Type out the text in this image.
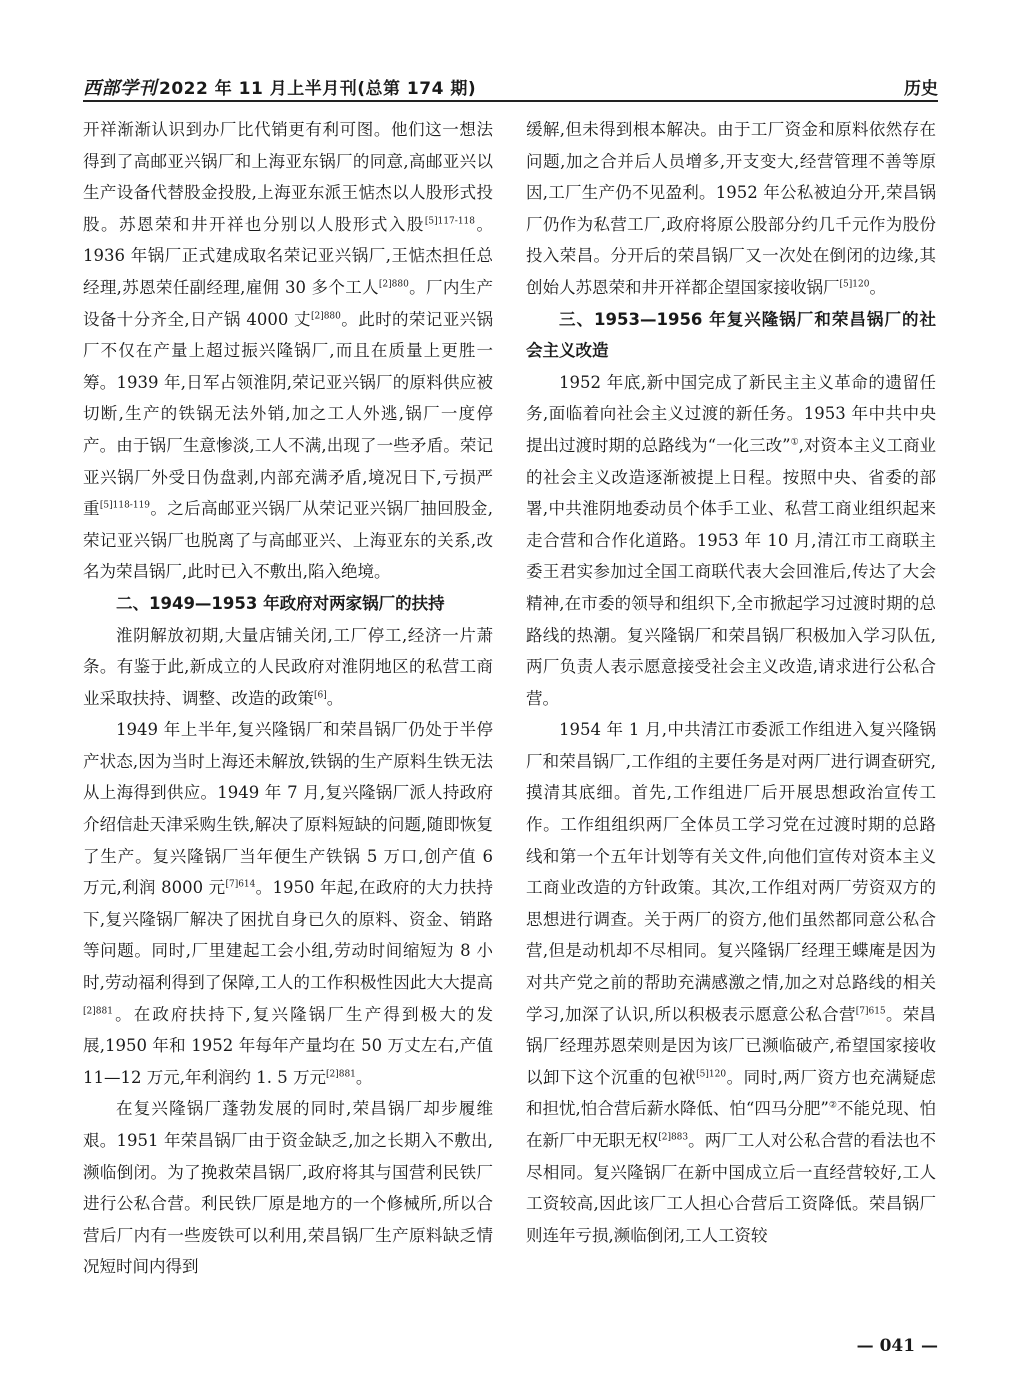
西部学刊 2022 年 11 月上半月刊(总第 174 期)	历史

开祥渐渐认识到办厂比代销更有利可图。他们这一想法得到了高邮亚兴锅厂和上海亚东锅厂的同意,高邮亚兴以生产设备代替股金投股,上海亚东派王惦杰以人股形式投股。苏恩荣和井开祥也分别以人股形式入股$^{[5]117-118}$。1936 年锅厂正式建成取名荣记亚兴锅厂,王惦杰担任总经理,苏恩荣任副经理,雇佣 30 多个工人$^{[2]880}$。厂内生产设备十分齐全,日产锅 4000 丈$^{[2]880}$。此时的荣记亚兴锅厂不仅在产量上超过振兴隆锅厂,而且在质量上更胜一筹。1939 年,日军占领淮阴,荣记亚兴锅厂的原料供应被切断,生产的铁锅无法外销,加之工人外逃,锅厂一度停产。由于锅厂生意惨淡,工人不满,出现了一些矛盾。荣记亚兴锅厂外受日伪盘剥,内部充满矛盾,境况日下,亏损严重$^{[5]118-119}$。之后高邮亚兴锅厂从荣记亚兴锅厂抽回股金,荣记亚兴锅厂也脱离了与高邮亚兴、上海亚东的关系,改名为荣昌锅厂,此时已入不敷出,陷入绝境。

二、1949—1953 年政府对两家锅厂的扶持

淮阴解放初期,大量店铺关闭,工厂停工,经济一片萧条。有鉴于此,新成立的人民政府对淮阴地区的私营工商业采取扶持、调整、改造的政策[6]。

1949 年上半年,复兴隆锅厂和荣昌锅厂仍处于半停产状态,因为当时上海还未解放,铁锅的生产原料生铁无法从上海得到供应。1949 年 7 月,复兴隆锅厂派人持政府介绍信赴天津采购生铁,解决了原料短缺的问题,随即恢复了生产。复兴隆锅厂当年便生产铁锅 5 万口,创产值 6 万元,利润 8000 元$^{[7]614}$。1950 年起,在政府的大力扶持下,复兴隆锅厂解决了困扰自身已久的原料、资金、销路等问题。同时,厂里建起工会小组,劳动时间缩短为 8 小时,劳动福利得到了保障,工人的工作积极性因此大大提高$^{[2]881}$。在政府扶持下,复兴隆锅厂生产得到极大的发展,1950 年和 1952 年每年产量均在 50 万丈左右,产值 11—12 万元,年利润约 1. 5 万元$^{[2]881}$。

在复兴隆锅厂蓬勃发展的同时,荣昌锅厂却步履维艰。1951 年荣昌锅厂由于资金缺乏,加之长期入不敷出,濒临倒闭。为了挽救荣昌锅厂,政府将其与国营利民铁厂进行公私合营。利民铁厂原是地方的一个修械所,所以合营后厂内有一些废铁可以利用,荣昌锅厂生产原料缺乏情况短时间内得到

缓解,但未得到根本解决。由于工厂资金和原料依然存在问题,加之合并后人员增多,开支变大,经营管理不善等原因,工厂生产仍不见盈利。1952 年公私被迫分开,荣昌锅厂仍作为私营工厂,政府将原公股部分约几千元作为股份投入荣昌。分开后的荣昌锅厂又一次处在倒闭的边缘,其创始人苏恩荣和井开祥都企望国家接收锅厂$^{[5]120}$。

三、1953—1956 年复兴隆锅厂和荣昌锅厂的社会主义改造

1952 年底,新中国完成了新民主主义革命的遗留任务,面临着向社会主义过渡的新任务。1953 年中共中央提出过渡时期的总路线为“一化三改”①,对资本主义工商业的社会主义改造逐渐被提上日程。按照中央、省委的部署,中共淮阴地委动员个体手工业、私营工商业组织起来走合营和合作化道路。1953 年 10 月,清江市工商联主委王君实参加过全国工商联代表大会回淮后,传达了大会精神,在市委的领导和组织下,全市掀起学习过渡时期的总路线的热潮。复兴隆锅厂和荣昌锅厂积极加入学习队伍,两厂负责人表示愿意接受社会主义改造,请求进行公私合营。

1954 年 1 月,中共清江市委派工作组进入复兴隆锅厂和荣昌锅厂,工作组的主要任务是对两厂进行调查研究,摸清其底细。首先,工作组进厂后开展思想政治宣传工作。工作组组织两厂全体员工学习党在过渡时期的总路线和第一个五年计划等有关文件,向他们宣传对资本主义工商业改造的方针政策。其次,工作组对两厂劳资双方的思想进行调查。关于两厂的资方,他们虽然都同意公私合营,但是动机却不尽相同。复兴隆锅厂经理王蝶庵是因为对共产党之前的帮助充满感激之情,加之对总路线的相关学习,加深了认识,所以积极表示愿意公私合营$^{[7]615}$。荣昌锅厂经理苏恩荣则是因为该厂已濒临破产,希望国家接收以卸下这个沉重的包袱$^{[5]120}$。同时,两厂资方也充满疑虑和担忧,怕合营后薪水降低、怕“四马分肥”②不能兑现、怕在新厂中无职无权$^{[2]883}$。两厂工人对公私合营的看法也不尽相同。复兴隆锅厂在新中国成立后一直经营较好,工人工资较高,因此该厂工人担心合营后工资降低。荣昌锅厂则连年亏损,濒临倒闭,工人工资较

— 041 —
